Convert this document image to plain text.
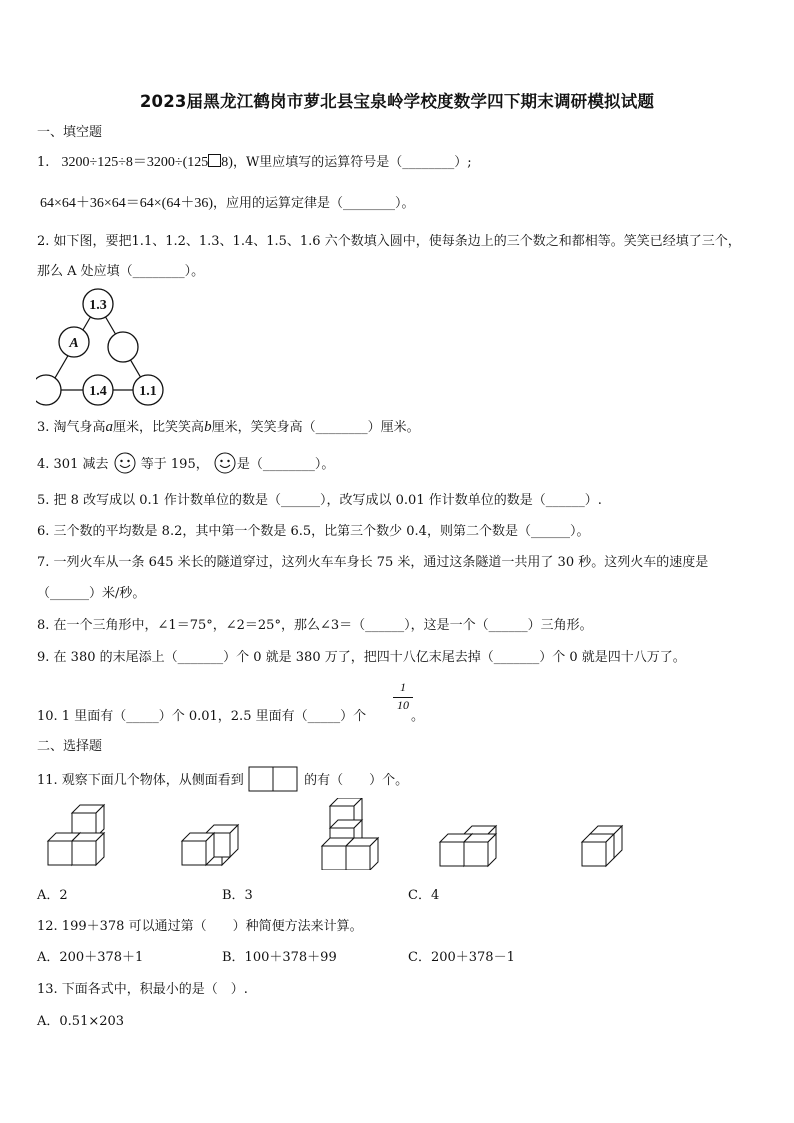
2023届黑龙江鹤岗市萝北县宝泉岭学校度数学四下期末调研模拟试题
一、填空题
1. 3200÷125÷8＝3200÷(125 8)，W里应填写的运算符号是（________）;
64×64＋36×64＝64×(64＋36)，应用的运算定律是（________）。
2. 如下图，要把1.1、1.2、1.3、1.4、1.5、1.6 六个数填入圆中，使每条边上的三个数之和都相等。笑笑已经填了三个，
那么 A 处应填（________）。
1.3
A
1.4 1.1
3. 淘气身高a厘米，比笑笑高b厘米，笑笑身高（________）厘米。
4. 301 减去 等于 195， 是（________）。
5. 把 8 改写成以 0.1 作计数单位的数是（______），改写成以 0.01 作计数单位的数是（______）.
6. 三个数的平均数是 8.2，其中第一个数是 6.5，比第三个数少 0.4，则第二个数是（______）。
7. 一列火车从一条 645 米长的隧道穿过，这列火车车身长 75 米，通过这条隧道一共用了 30 秒。这列火车的速度是
（______）米/秒。
8. 在一个三角形中，∠1＝75°，∠2＝25°，那么∠3＝（______），这是一个（______）三角形。
9. 在 380 的末尾添上（_______）个 0 就是 380 万了，把四十八亿末尾去掉（_______）个 0 就是四十八万了。
10. 1 里面有（_____）个 0.01，2.5 里面有（_____）个
1
10
。
二、选择题
11. 观察下面几个物体，从侧面看到	的有（　　）个。
A．2	B．3	C．4
12. 199＋378 可以通过第（　　）种简便方法来计算。
A．200＋378＋1	B．100＋378＋99	C．200＋378－1
13. 下面各式中，积最小的是（　）.
A．0.51×203
